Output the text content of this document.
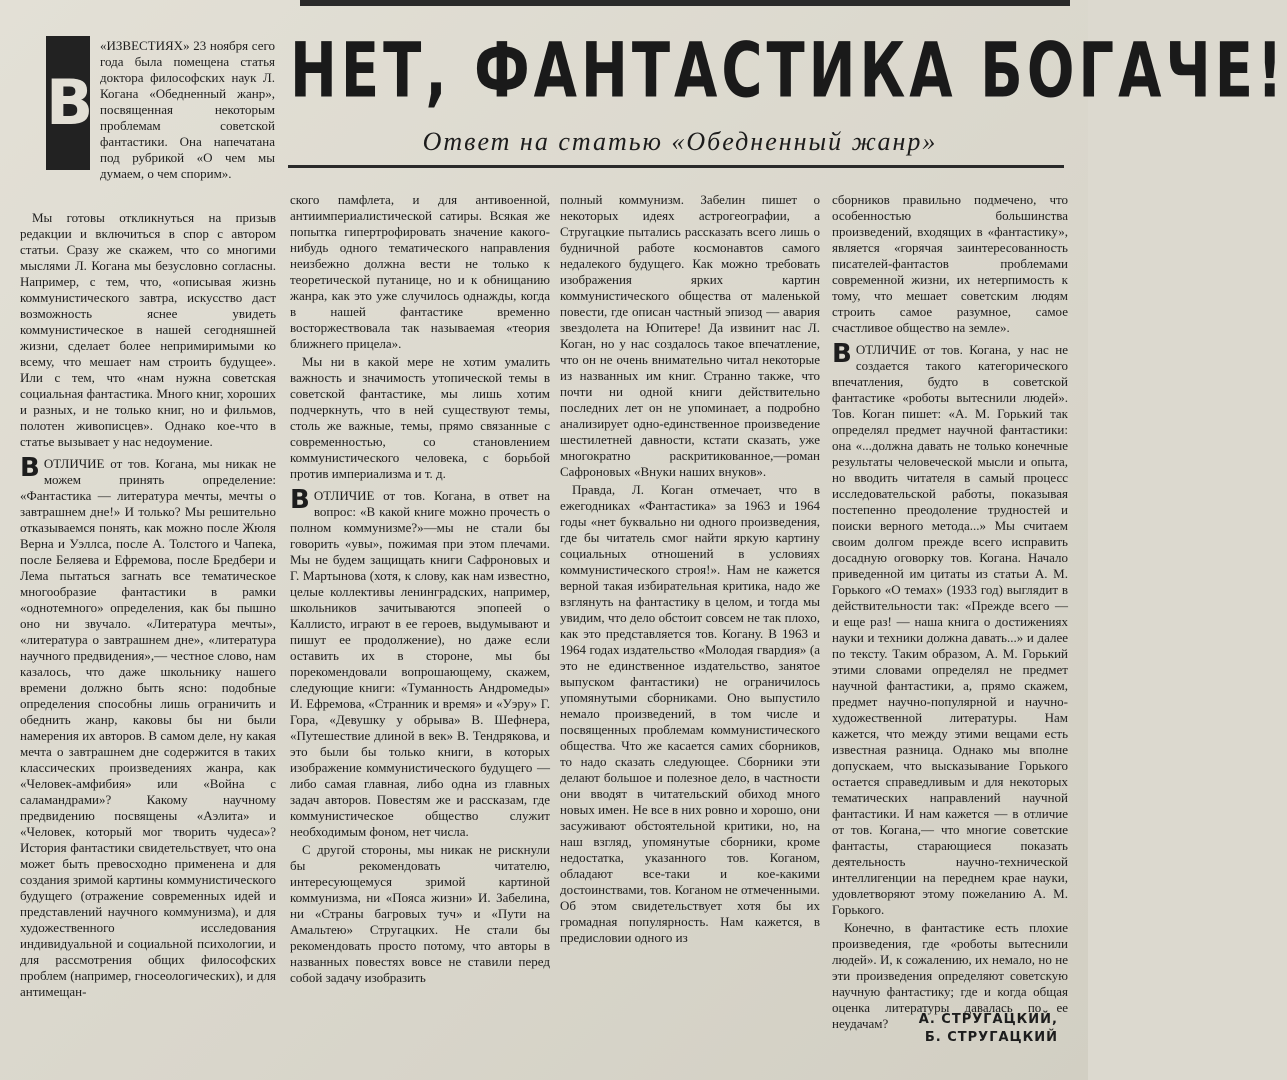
В

«ИЗВЕСТИЯХ» 23 ноября сего года была помещена статья доктора философских наук Л. Когана «Обедненный жанр», посвященная некоторым проблемам советской фантастики. Она напечатана под рубрикой «О чем мы думаем, о чем спорим».

НЕТ, ФАНТАСТИКА БОГАЧЕ!
Ответ на статью «Обедненный жанр»

Мы готовы откликнуться на призыв редакции и включиться в спор с автором статьи. Сразу же скажем, что со многими мыслями Л. Когана мы безусловно согласны. Например, с тем, что, «описывая жизнь коммунистического завтра, искусство даст возможность яснее увидеть коммунистическое в нашей сегодняшней жизни, сделает более непримиримыми ко всему, что мешает нам строить будущее». Или с тем, что «нам нужна советская социальная фантастика. Много книг, хороших и разных, и не только книг, но и фильмов, полотен живописцев». Однако кое-что в статье вызывает у нас недоумение.

ВОТЛИЧИЕ от тов. Когана, мы никак не можем принять определение: «Фантастика — литература мечты, мечты о завтрашнем дне!» И только? Мы решительно отказываемся понять, как можно после Жюля Верна и Уэллса, после А. Толстого и Чапека, после Беляева и Ефремова, после Бредбери и Лема пытаться загнать все тематическое многообразие фантастики в рамки «однотемного» определения, как бы пышно оно ни звучало. «Литература мечты», «литература о завтрашнем дне», «литература научного предвидения»,— честное слово, нам казалось, что даже школьнику нашего времени должно быть ясно: подобные определения способны лишь ограничить и обеднить жанр, каковы бы ни были намерения их авторов. В самом деле, ну какая мечта о завтрашнем дне содержится в таких классических произведениях жанра, как «Человек-амфибия» или «Война с саламандрами»? Какому научному предвидению посвящены «Аэлита» и «Человек, который мог творить чудеса»? История фантастики свидетельствует, что она может быть превосходно применена и для создания зримой картины коммунистического будущего (отражение современных идей и представлений научного коммунизма), и для художественного исследования индивидуальной и социальной психологии, и для рассмотрения общих философских проблем (например, гносеологических), и для антимещан-

ского памфлета, и для антивоенной, антиимпериалистической сатиры. Всякая же попытка гипертрофировать значение какого-нибудь одного тематического направления неизбежно должна вести не только к теоретической путанице, но и к обнищанию жанра, как это уже случилось однажды, когда в нашей фантастике временно восторжествовала так называемая «теория ближнего прицела».

Мы ни в какой мере не хотим умалить важность и значимость утопической темы в советской фантастике, мы лишь хотим подчеркнуть, что в ней существуют темы, столь же важные, темы, прямо связанные с современностью, со становлением коммунистического человека, с борьбой против империализма и т. д.

ВОТЛИЧИЕ от тов. Когана, в ответ на вопрос: «В какой книге можно прочесть о полном коммунизме?»—мы не стали бы говорить «увы», пожимая при этом плечами. Мы не будем защищать книги Сафроновых и Г. Мартынова (хотя, к слову, как нам известно, целые коллективы ленинградских, например, школьников зачитываются эпопеей о Каллисто, играют в ее героев, выдумывают и пишут ее продолжение), но даже если оставить их в стороне, мы бы порекомендовали вопрошающему, скажем, следующие книги: «Туманность Андромеды» И. Ефремова, «Странник и время» и «Уэру» Г. Гора, «Девушку у обрыва» В. Шефнера, «Путешествие длиной в век» В. Тендрякова, и это были бы только книги, в которых изображение коммунистического будущего — либо самая главная, либо одна из главных задач авторов. Повестям же и рассказам, где коммунистическое общество служит необходимым фоном, нет числа.

С другой стороны, мы никак не рискнули бы рекомендовать читателю, интересующемуся зримой картиной коммунизма, ни «Пояса жизни» И. Забелина, ни «Страны багровых туч» и «Пути на Амальтею» Стругацких. Не стали бы рекомендовать просто потому, что авторы в названных повестях вовсе не ставили перед собой задачу изобразить

полный коммунизм. Забелин пишет о некоторых идеях астрогеографии, а Стругацкие пытались рассказать всего лишь о будничной работе космонавтов самого недалекого будущего. Как можно требовать изображения ярких картин коммунистического общества от маленькой повести, где описан частный эпизод — авария звездолета на Юпитере! Да извинит нас Л. Коган, но у нас создалось такое впечатление, что он не очень внимательно читал некоторые из названных им книг. Странно также, что почти ни одной книги действительно последних лет он не упоминает, а подробно анализирует одно-единственное произведение шестилетней давности, кстати сказать, уже многократно раскритикованное,—роман Сафроновых «Внуки наших внуков».

Правда, Л. Коган отмечает, что в ежегодниках «Фантастика» за 1963 и 1964 годы «нет буквально ни одного произведения, где бы читатель смог найти яркую картину социальных отношений в условиях коммунистического строя!». Нам не кажется верной такая избирательная критика, надо же взглянуть на фантастику в целом, и тогда мы увидим, что дело обстоит совсем не так плохо, как это представляется тов. Когану. В 1963 и 1964 годах издательство «Молодая гвардия» (а это не единственное издательство, занятое выпуском фантастики) не ограничилось упомянутыми сборниками. Оно выпустило немало произведений, в том числе и посвященных проблемам коммунистического общества. Что же касается самих сборников, то надо сказать следующее. Сборники эти делают большое и полезное дело, в частности они вводят в читательский обиход много новых имен. Не все в них ровно и хорошо, они засуживают обстоятельной критики, но, на наш взгляд, упомянутые сборники, кроме недостатка, указанного тов. Коганом, обладают все-таки и кое-какими достоинствами, тов. Коганом не отмеченными. Об этом свидетельствует хотя бы их громадная популярность. Нам кажется, в предисловии одного из

сборников правильно подмечено, что особенностью большинства произведений, входящих в «фантастику», является «горячая заинтересованность писателей-фантастов проблемами современной жизни, их нетерпимость к тому, что мешает советским людям строить самое разумное, самое счастливое общество на земле».

ВОТЛИЧИЕ от тов. Когана, у нас не создается такого категорического впечатления, будто в советской фантастике «роботы вытеснили людей». Тов. Коган пишет: «А. М. Горький так определял предмет научной фантастики: она «...должна давать не только конечные результаты человеческой мысли и опыта, но вводить читателя в самый процесс исследовательской работы, показывая постепенно преодоление трудностей и поиски верного метода...» Мы считаем своим долгом прежде всего исправить досадную оговорку тов. Когана. Начало приведенной им цитаты из статьи А. М. Горького «О темах» (1933 год) выглядит в действительности так: «Прежде всего — и еще раз! — наша книга о достижениях науки и техники должна давать...» и далее по тексту. Таким образом, А. М. Горький этими словами определял не предмет научной фантастики, а, прямо скажем, предмет научно-популярной и научно-художественной литературы. Нам кажется, что между этими вещами есть известная разница. Однако мы вполне допускаем, что высказывание Горького остается справедливым и для некоторых тематических направлений научной фантастики. И нам кажется — в отличие от тов. Когана,— что многие советские фантасты, старающиеся показать деятельность научно-технической интеллигенции на переднем крае науки, удовлетворяют этому пожеланию А. М. Горького.

Конечно, в фантастике есть плохие произведения, где «роботы вытеснили людей». И, к сожалению, их немало, но не эти произведения определяют советскую научную фантастику; где и когда общая оценка литературы давалась по ее неудачам?	А. СТРУГАЦКИЙ,
Б. СТРУГАЦКИЙ
